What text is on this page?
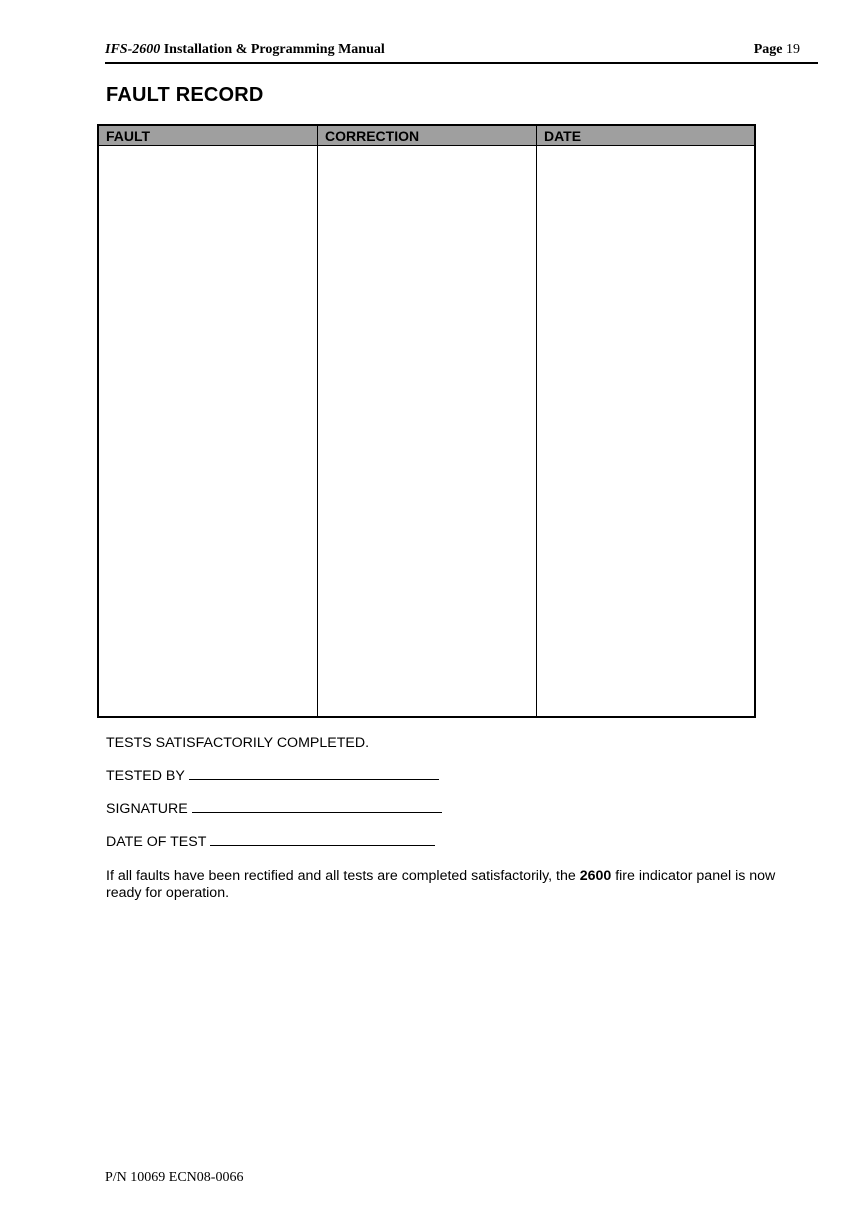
IFS-2600 Installation & Programming Manual	Page 19
FAULT RECORD
FAULT	CORRECTION	DATE
TESTS SATISFACTORILY COMPLETED.
TESTED BY
SIGNATURE
DATE OF TEST
If all faults have been rectified and all tests are completed satisfactorily, the 2600 fire indicator panel is now ready for operation.
P/N 10069 ECN08-0066
